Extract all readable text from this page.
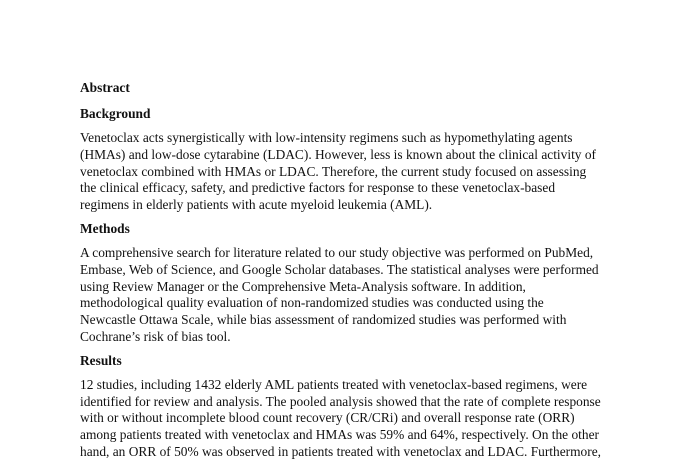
Abstract
Background

Venetoclax acts synergistically with low-intensity regimens such as hypomethylating agents
(HMAs) and low-dose cytarabine (LDAC). However, less is known about the clinical activity of
venetoclax combined with HMAs or LDAC. Therefore, the current study focused on assessing
the clinical efficacy, safety, and predictive factors for response to these venetoclax-based
regimens in elderly patients with acute myeloid leukemia (AML).

Methods

A comprehensive search for literature related to our study objective was performed on PubMed,
Embase, Web of Science, and Google Scholar databases. The statistical analyses were performed
using Review Manager or the Comprehensive Meta-Analysis software. In addition,
methodological quality evaluation of non-randomized studies was conducted using the
Newcastle Ottawa Scale, while bias assessment of randomized studies was performed with
Cochrane’s risk of bias tool.

Results

12 studies, including 1432 elderly AML patients treated with venetoclax-based regimens, were
identified for review and analysis. The pooled analysis showed that the rate of complete response
with or without incomplete blood count recovery (CR/CRi) and overall response rate (ORR)
among patients treated with venetoclax and HMAs was 59% and 64%, respectively. On the other
hand, an ORR of 50% was observed in patients treated with venetoclax and LDAC. Furthermore,
